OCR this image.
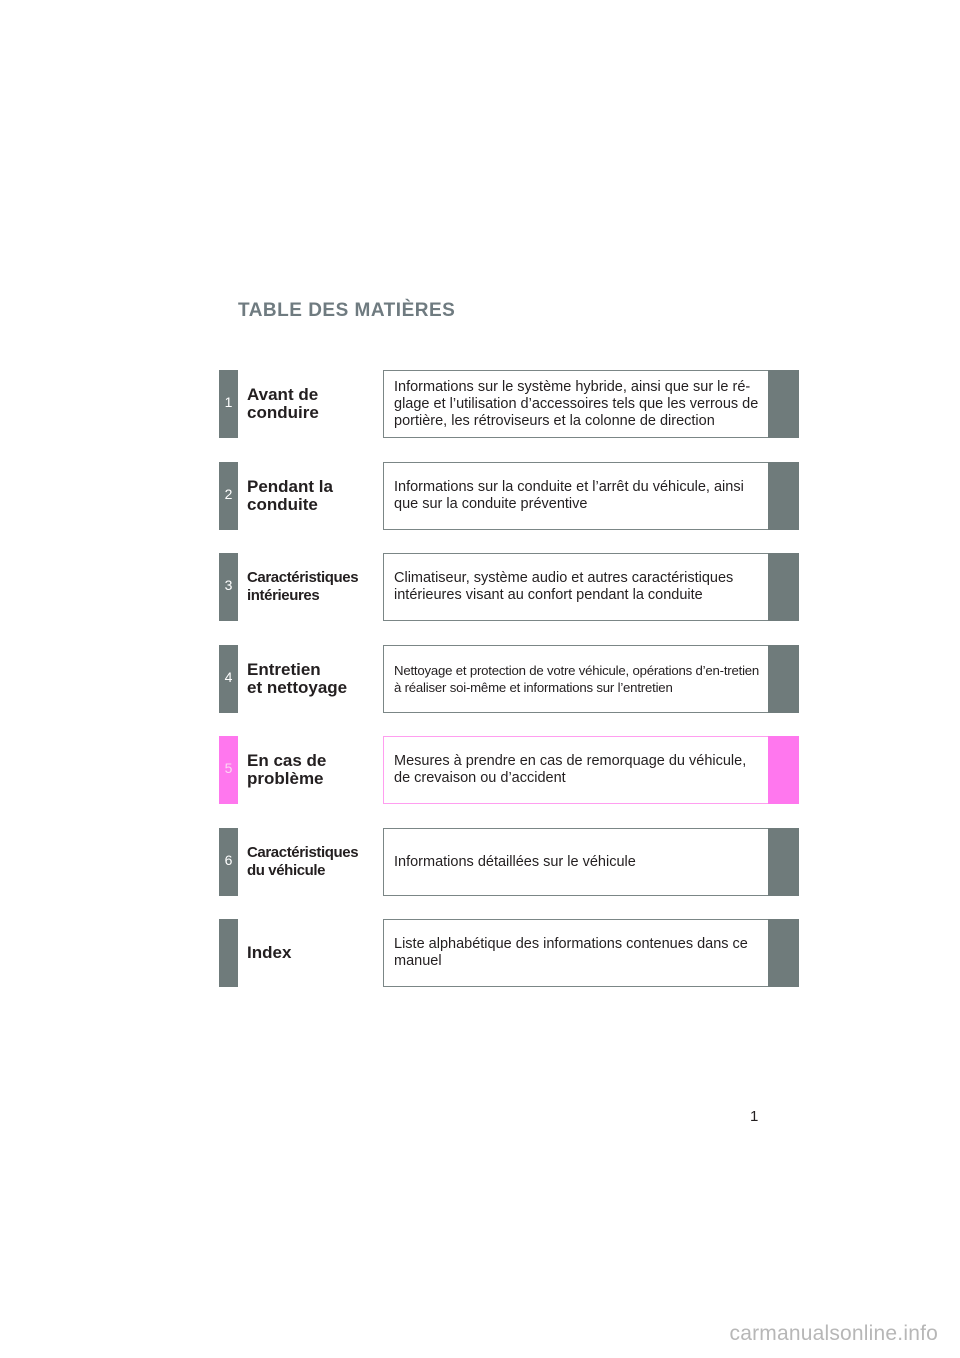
TABLE DES MATIÈRES
1 Avant de
conduire
Informations sur le système hybride, ainsi que sur le ré-glage et l’utilisation d’accessoires tels que les verrous de portière, les rétroviseurs et la colonne de direction
2 Pendant la
conduite
Informations sur la conduite et l’arrêt du véhicule, ainsi que sur la conduite préventive
3 Caractéristiques
intérieures
Climatiseur, système audio et autres caractéristiques intérieures visant au confort pendant la conduite
4 Entretien
et nettoyage
Nettoyage et protection de votre véhicule, opérations d’en-tretien à réaliser soi-même et informations sur l’entretien
5 En cas de
problème
Mesures à prendre en cas de remorquage du véhicule, de crevaison ou d’accident
6 Caractéristiques
du véhicule
Informations détaillées sur le véhicule
Index	Liste alphabétique des informations contenues dans ce manuel
1
carmanualsonline.info
